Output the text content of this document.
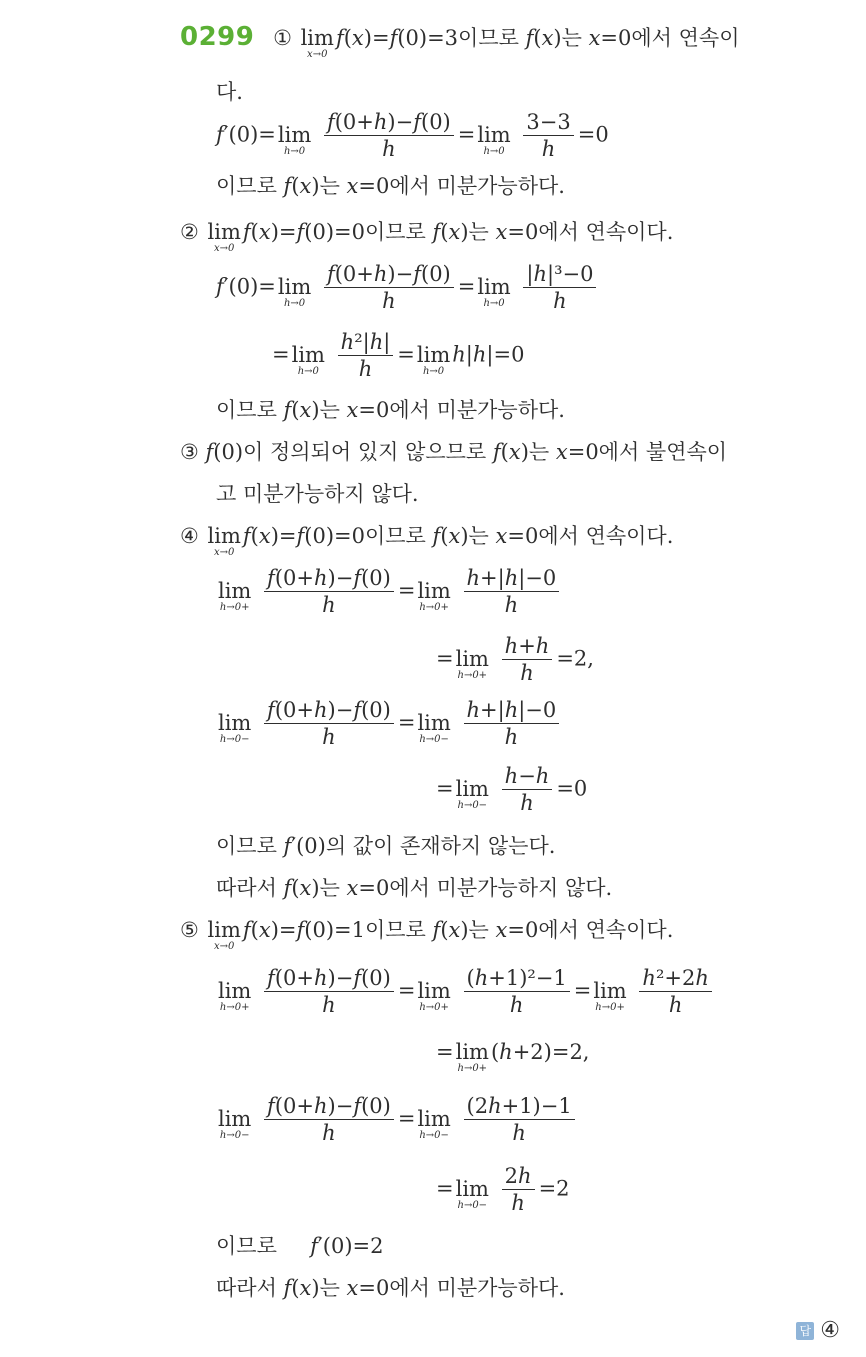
0299 ① lim
x→0
f(x)=f(0)=3이므로 f(x)는 x=0에서 연속이
다.
f′(0)=lim
h→0
$\frac{f(0+h)-f(0)}{h} =\lim$
h→0
$\frac{3-3}{h} =0$
이므로 f(x)는 x=0에서 미분가능하다.
② lim
x→0
f(x)=f(0)=0이므로 f(x)는 x=0에서 연속이다.
f′(0)=lim
h→0
$\frac{f(0+h)-f(0)}{h} =\lim$
h→0
$\frac{\text{|h|³−0}}{h}$
=lim
h→0
$\frac{\text{h²|h|}}{h} =\lim$
h→0
h|h|=0
이므로 f(x)는 x=0에서 미분가능하다.
③ f(0)이 정의되어 있지 않으므로 f(x)는 x=0에서 불연속이
고 미분가능하지 않다.
④ lim
x→0
f(x)=f(0)=0이므로 f(x)는 x=0에서 연속이다.
lim
h→0+
$\frac{f(0+h)-f(0)}{h} =\lim$
h→0+
$\frac{h+|h|-0}{h}$
=lim
h→0+
$\frac{h+h}{h} =2$,
lim
h→0−
$\frac{f(0+h)-f(0)}{h} =\lim$
h→0−
$\frac{h+|h|-0}{h}$
=lim
h→0−
$\frac{h-h}{h} =0$
이므로 f′(0)의 값이 존재하지 않는다.
따라서 f(x)는 x=0에서 미분가능하지 않다.
⑤ lim
x→0
f(x)=f(0)=1이므로 f(x)는 x=0에서 연속이다.
lim
h→0+
$\frac{f(0+h)-f(0)}{h} =\lim$
h→0+
$\frac{\text{(h+1)²−1}}{h} =\lim$
h→0+
$\frac{\text{h²+2h}}{h}$
=lim
h→0+
(h+2)=2,
lim
h→0−
$\frac{f(0+h)-f(0)}{h} =\lim$
h→0−
$\frac{(2h+1)-1}{h}$
=lim
h→0−
$\frac{2h}{h} =2$
이므로     f′(0)=2
따라서 f(x)는 x=0에서 미분가능하다.
답 ④
